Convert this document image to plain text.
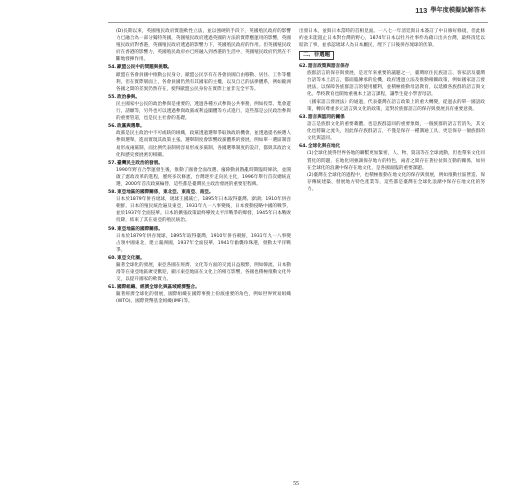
113 學年度模擬試解答本

(D)長期以來，英國殖民政府實施軟性立法，並以強硬的手段下，英國殖民政府的影響力已融合為一部分獨特英國，英國殖民政府透過英國的方法的實際應運用的影響，英國殖民政府對香港，英國殖民政府透過的影響力下，英國殖民政府的作用。但英國殖民政府在香港的影響力，英國殖民政府亦已經融入到香港的生活中，英國殖民政府仍然在不斷地發揮作用。

54. 歐盟公民中的問題與挑戰。

歐盟在各會員國中推動公民身分，歐盟公民享有在各會員國自由移動、居住、工作等權利，但在實際層面上，各會員國仍然有其國家的主權，以及自己的法律體系，例如歐洲各國之間的差異仍然存在，使得歐盟公民身份在實際上並非完全平等。

55. 政治參與。

民主國家中公民的政治參與是重要的，透過各種方式參與公共事務，例如投票、集會遊行、請願等，另外也可以透過參與政黨或利益團體等方式進行，這些都是公民政治參與的重要管道，也是民主社會的基礎。

56. 政黨與選舉。

政黨是民主政治中不可或缺的組織，政黨透過選舉爭取執政的機會，並透過提名候選人參與選舉，進而實現其政策主張。選舉制度會影響政黨體系的發展，例如單一選區制容易形成兩黨制，而比例代表制則容易形成多黨制，各國選舉制度的設計，都與其政治文化和歷史發展密切相關。

57. 臺灣民主政治的發展。

1990年野百合學運發生後，推動了國會全面改選、廢除動員戡亂時期臨時條款，並開啟了憲政改革的進程，歷經多次修憲，台灣逐步走向民主化，1996年舉行首次總統直選，2000年首次政黨輪替，這些都是臺灣民主政治發展的重要里程碑。

58. 東亞地區的國際關係，東北亞、東南亞、南亞。

日本於1879年併吞琉球，琉球王國滅亡。1895年日本取得臺灣、澎湖；1910年併吞朝鮮，日本的殖民統治遍及東亞，1931年九一八事變後，日本發動侵略中國的戰爭，並於1937年全面侵華。日本的擴張政策最終導致太平洋戰爭的爆發，1945年日本戰敗投降，結束了其在東亞的殖民統治。

59. 東亞地區的國際關係。

日本於1879年併吞琉球，1895年取得臺灣，1910年併吞朝鮮，1931年九一八事變占領中國東北，建立滿洲國，1937年全面侵華，1941年偷襲珍珠港，發動太平洋戰爭。

60. 東亞文化圈。

隨著全球化的發展，東亞各國在經濟、文化等方面的交流日益頻繁，例如韓流、日本動漫等在東亞地區廣受歡迎，顯示東亞地區在文化上的相互影響，各國也積極推動文化外交，以提升國家的軟實力。

61. 國際組織、經濟全球化與區域經濟整合。

隨著經濟全球化的發展，國際組織在國際事務上扮演重要的角色，例如世界貿易組織(WTO)、國際貨幣基金組織(IMF)等。

出發日本，並與日本當時的首相見面。一八七一年清廷與日本簽訂了中日修好條規，但此條約並未能阻止日本對台灣的野心，1874年日本以牡丹社事件為藉口出兵台灣，最終清廷以賠款了事，並承認琉球人為日本屬民，埋下了日後併吞琉球的伏筆。

二、非選題
62. 語言政策與語言保存

族群語言的保存與發展，是近年來重要的議題之一，臺灣原住民族語言、客家語及臺灣台語等本土語言，都面臨傳承的危機，政府透過立法及推動相關政策，例如國家語言發展法，以保障各族群語言的使用權利，並積極推動母語教育，以延續各族群的語言與文化。學校教育也開始重視本土語言課程，讓學生從小學習母語。

《國家語言發展法》的通過，代表臺灣在語言政策上的重大轉變，從過去的單一國語政策，轉向尊重多元語言與文化的政策，這對於族群語言的保存與發展具有重要意義。

63. 語言與認同的關係

語言是族群文化的重要載體，也是族群認同的重要象徵，一個族群的語言若消失，其文化也將隨之流失，因此保存族群語言，不僅是保存一種溝通工具，更是保存一個族群的文化與認同。

64. 全球化與在地化

(1)全球化使得世界各地的聯繫更加緊密，人、物、資訊等在全球流動，但也帶來文化同質化的問題，在地化則強調保存地方的特色，兩者之間存在著拉扯與互動的關係，如何在全球化的浪潮中保存在地文化，是各國面臨的重要課題。

(2)臺灣在全球化的過程中，也積極推動在地文化的保存與發展，例如推動社區營造、保存傳統建築、發展地方特色產業等，這些都是臺灣在全球化浪潮中保存在地文化的努力。

55
